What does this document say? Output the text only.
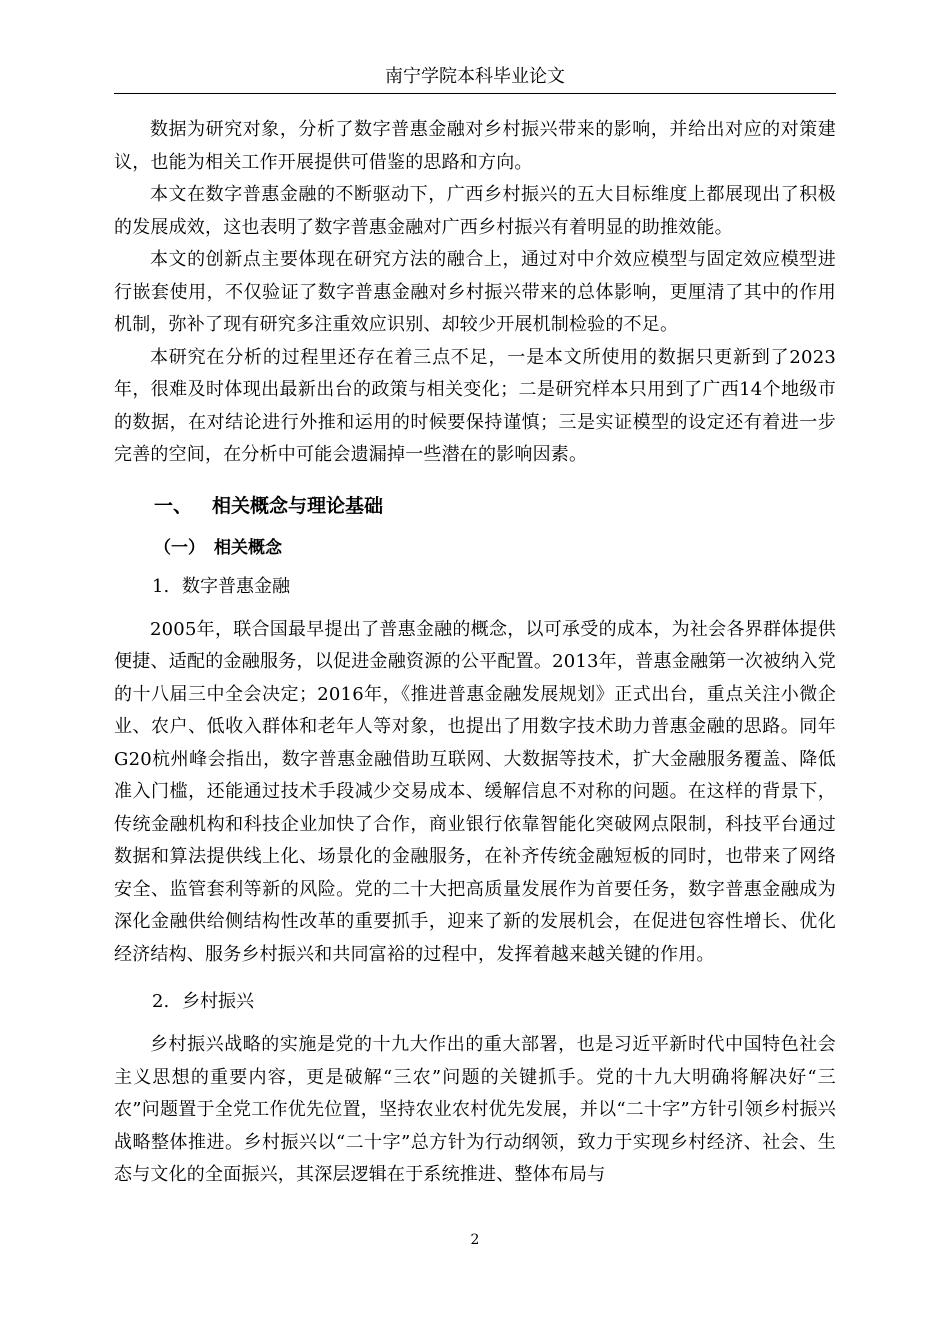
南宁学院本科毕业论文

数据为研究对象，分析了数字普惠金融对乡村振兴带来的影响，并给出对应的对策建议，也能为相关工作开展提供可借鉴的思路和方向。

本文在数字普惠金融的不断驱动下，广西乡村振兴的五大目标维度上都展现出了积极的发展成效，这也表明了数字普惠金融对广西乡村振兴有着明显的助推效能。

本文的创新点主要体现在研究方法的融合上，通过对中介效应模型与固定效应模型进行嵌套使用，不仅验证了数字普惠金融对乡村振兴带来的总体影响，更厘清了其中的作用机制，弥补了现有研究多注重效应识别、却较少开展机制检验的不足。

本研究在分析的过程里还存在着三点不足，一是本文所使用的数据只更新到了2023年，很难及时体现出最新出台的政策与相关变化；二是研究样本只用到了广西14个地级市的数据，在对结论进行外推和运用的时候要保持谨慎；三是实证模型的设定还有着进一步完善的空间，在分析中可能会遗漏掉一些潜在的影响因素。

一、 相关概念与理论基础
（一） 相关概念
1. 数字普惠金融

2005年，联合国最早提出了普惠金融的概念，以可承受的成本，为社会各界群体提供便捷、适配的金融服务，以促进金融资源的公平配置。2013年，普惠金融第一次被纳入党的十八届三中全会决定；2016年，《推进普惠金融发展规划》正式出台，重点关注小微企业、农户、低收入群体和老年人等对象，也提出了用数字技术助力普惠金融的思路。同年G20杭州峰会指出，数字普惠金融借助互联网、大数据等技术，扩大金融服务覆盖、降低准入门槛，还能通过技术手段减少交易成本、缓解信息不对称的问题。在这样的背景下，传统金融机构和科技企业加快了合作，商业银行依靠智能化突破网点限制，科技平台通过数据和算法提供线上化、场景化的金融服务，在补齐传统金融短板的同时，也带来了网络安全、监管套利等新的风险。党的二十大把高质量发展作为首要任务，数字普惠金融成为深化金融供给侧结构性改革的重要抓手，迎来了新的发展机会，在促进包容性增长、优化经济结构、服务乡村振兴和共同富裕的过程中，发挥着越来越关键的作用。

2. 乡村振兴

乡村振兴战略的实施是党的十九大作出的重大部署，也是习近平新时代中国特色社会主义思想的重要内容，更是破解“三农”问题的关键抓手。党的十九大明确将解决好“三农”问题置于全党工作优先位置，坚持农业农村优先发展，并以“二十字”方针引领乡村振兴战略整体推进。乡村振兴以“二十字”总方针为行动纲领，致力于实现乡村经济、社会、生态与文化的全面振兴，其深层逻辑在于系统推进、整体布局与

2
